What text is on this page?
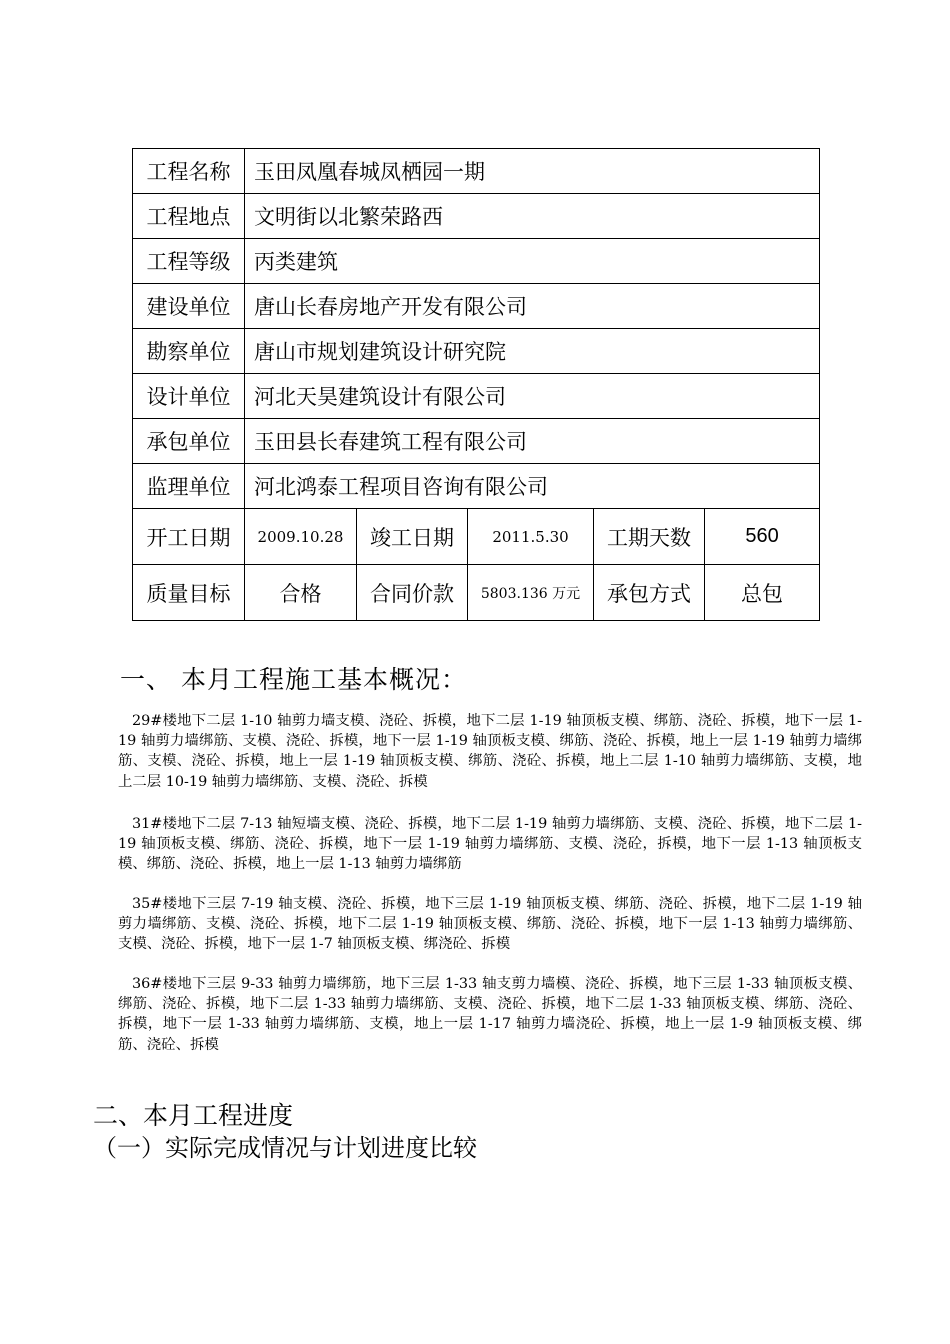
工程名称	玉田凤凰春城凤栖园一期				
工程地点	文明街以北繁荣路西				
工程等级	丙类建筑				
建设单位	唐山长春房地产开发有限公司				
勘察单位	唐山市规划建筑设计研究院				
设计单位	河北天昊建筑设计有限公司				
承包单位	玉田县长春建筑工程有限公司				
监理单位	河北鸿泰工程项目咨询有限公司				
开工日期	2009.10.28	竣工日期	2011.5.30	工期天数	560
质量目标	合格	合同价款	5803.136 万元	承包方式	总包
一、 本月工程施工基本概况：

29#楼地下二层 1-10 轴剪力墙支模、浇砼、拆模，地下二层 1-19 轴顶板支模、绑筋、浇砼、拆模，地下一层 1-19 轴剪力墙绑筋、支模、浇砼、拆模，地下一层 1-19 轴顶板支模、绑筋、浇砼、拆模，地上一层 1-19 轴剪力墙绑筋、支模、浇砼、拆模，地上一层 1-19 轴顶板支模、绑筋、浇砼、拆模，地上二层 1-10 轴剪力墙绑筋、支模，地上二层 10-19 轴剪力墙绑筋、支模、浇砼、拆模

31#楼地下二层 7-13 轴短墙支模、浇砼、拆模，地下二层 1-19 轴剪力墙绑筋、支模、浇砼、拆模，地下二层 1-19 轴顶板支模、绑筋、浇砼、拆模，地下一层 1-19 轴剪力墙绑筋、支模、浇砼，拆模，地下一层 1-13 轴顶板支模、绑筋、浇砼、拆模，地上一层 1-13 轴剪力墙绑筋

35#楼地下三层 7-19 轴支模、浇砼、拆模，地下三层 1-19 轴顶板支模、绑筋、浇砼、拆模，地下二层 1-19 轴剪力墙绑筋、支模、浇砼、拆模，地下二层 1-19 轴顶板支模、绑筋、浇砼、拆模，地下一层 1-13 轴剪力墙绑筋、支模、浇砼、拆模，地下一层 1-7 轴顶板支模、绑浇砼、拆模

36#楼地下三层 9-33 轴剪力墙绑筋，地下三层 1-33 轴支剪力墙模、浇砼、拆模，地下三层 1-33 轴顶板支模、绑筋、浇砼、拆模，地下二层 1-33 轴剪力墙绑筋、支模、浇砼、拆模，地下二层 1-33 轴顶板支模、绑筋、浇砼、拆模，地下一层 1-33 轴剪力墙绑筋、支模，地上一层 1-17 轴剪力墙浇砼、拆模，地上一层 1-9 轴顶板支模、绑筋、浇砼、拆模

二、本月工程进度
（一）实际完成情况与计划进度比较
